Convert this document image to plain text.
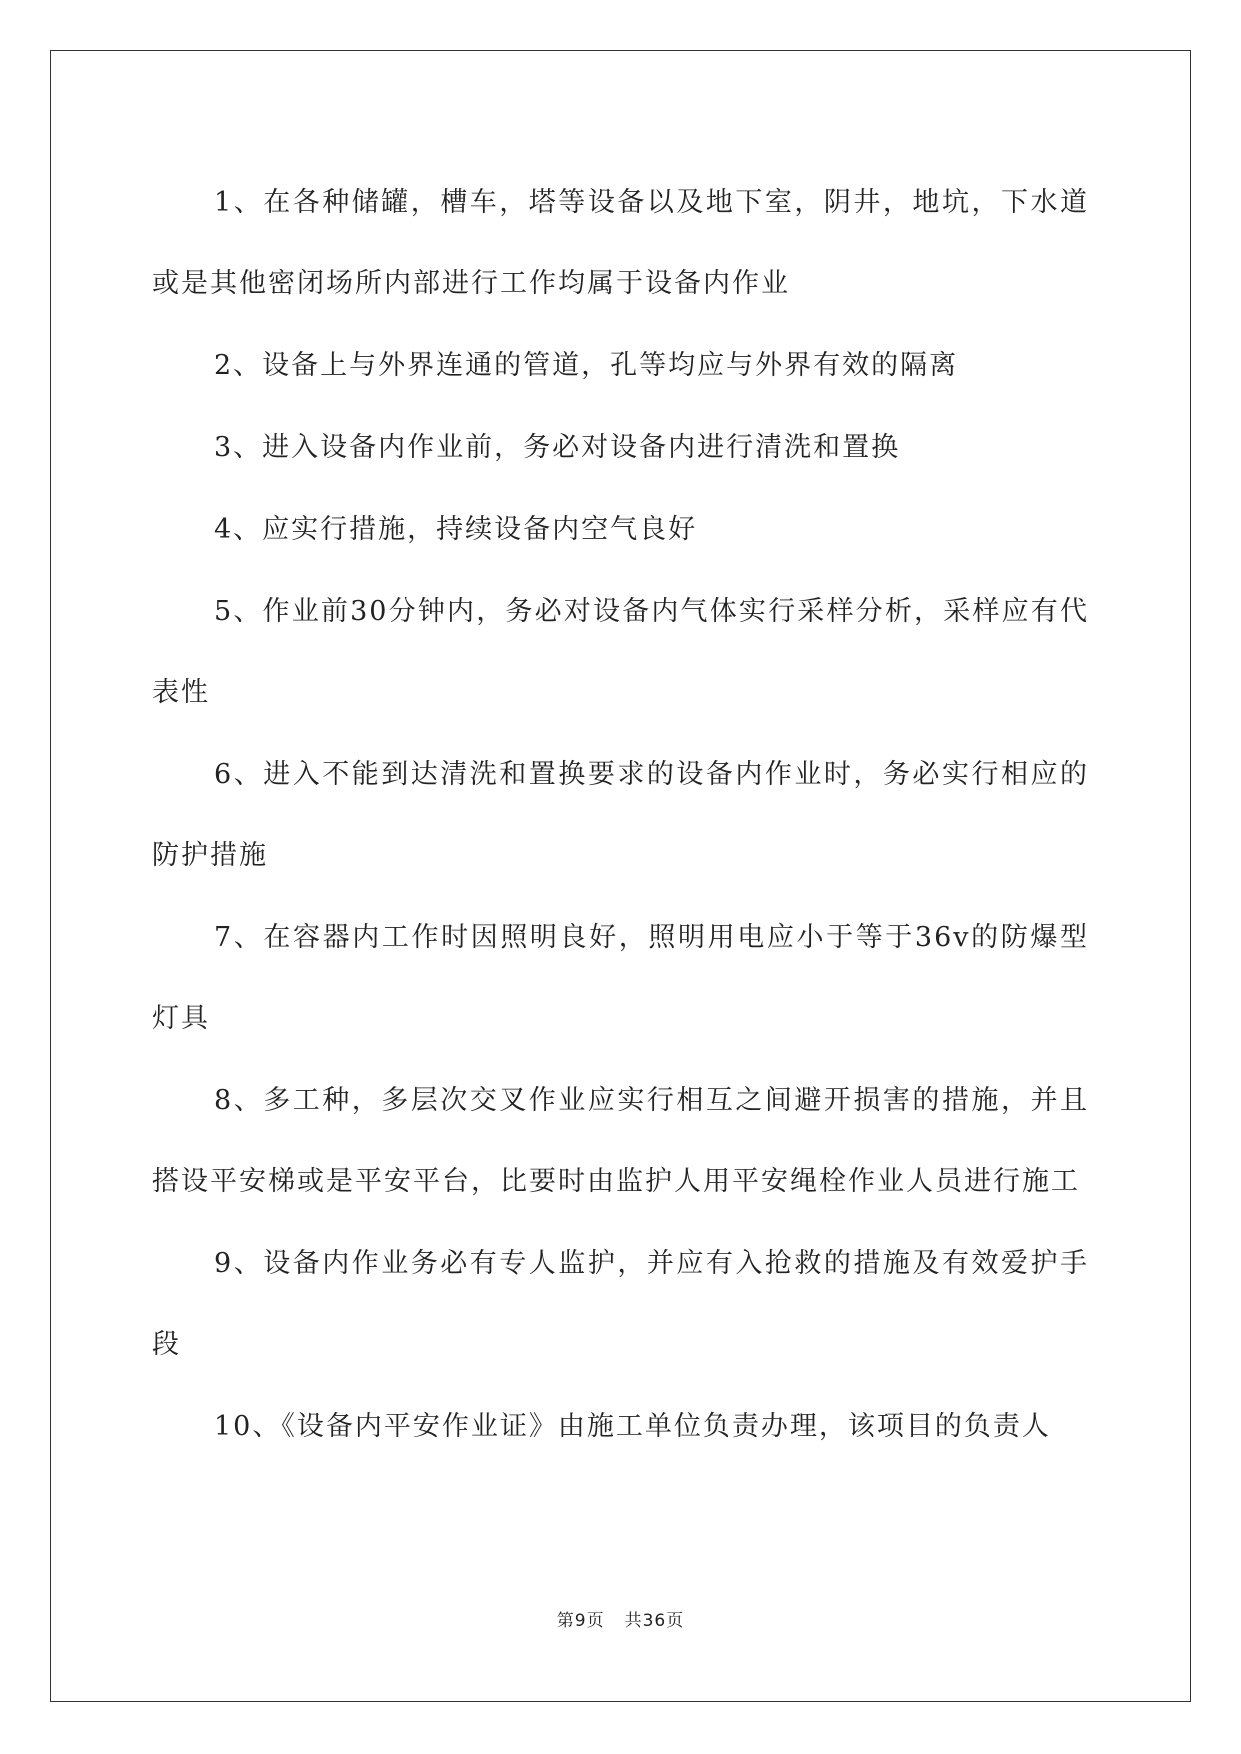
1、在各种储罐，槽车，塔等设备以及地下室，阴井，地坑，下水道或是其他密闭场所内部进行工作均属于设备内作业

2、设备上与外界连通的管道，孔等均应与外界有效的隔离

3、进入设备内作业前，务必对设备内进行清洗和置换

4、应实行措施，持续设备内空气良好

5、作业前30分钟内，务必对设备内气体实行采样分析，采样应有代表性

6、进入不能到达清洗和置换要求的设备内作业时，务必实行相应的防护措施

7、在容器内工作时因照明良好，照明用电应小于等于36v的防爆型灯具

8、多工种，多层次交叉作业应实行相互之间避开损害的措施，并且搭设平安梯或是平安平台，比要时由监护人用平安绳栓作业人员进行施工

9、设备内作业务必有专人监护，并应有入抢救的措施及有效爱护手段

10、《设备内平安作业证》由施工单位负责办理，该项目的负责人

第9页 共36页
